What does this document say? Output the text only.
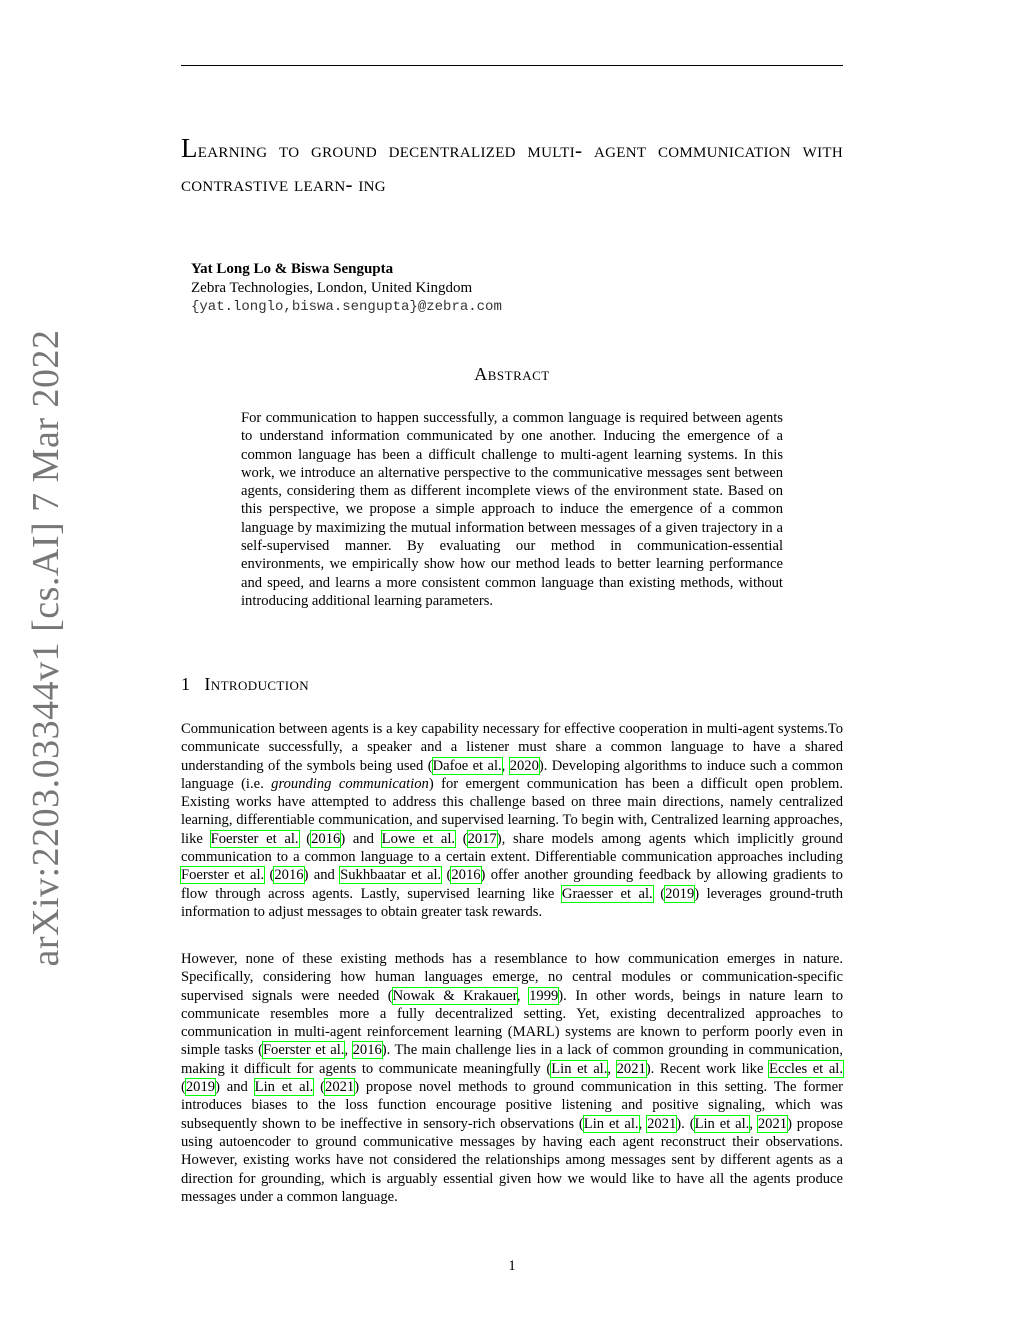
Learning to ground decentralized multi- agent communication with contrastive learn- ing
Yat Long Lo & Biswa Sengupta
Zebra Technologies, London, United Kingdom
{yat.longlo,biswa.sengupta}@zebra.com
Abstract

For communication to happen successfully, a common language is required between agents to understand information communicated by one another. Inducing the emergence of a common language has been a difficult challenge to multi-agent learning systems. In this work, we introduce an alternative perspective to the communicative messages sent between agents, considering them as different incomplete views of the environment state. Based on this perspective, we propose a simple approach to induce the emergence of a common language by maximizing the mutual information between messages of a given trajectory in a self-supervised manner. By evaluating our method in communication-essential environments, we empirically show how our method leads to better learning performance and speed, and learns a more consistent common language than existing methods, without introducing additional learning parameters.

arXiv:2203.03344v1 [cs.AI] 7 Mar 2022	1 Introduction

Communication between agents is a key capability necessary for effective cooperation in multi-agent systems.To communicate successfully, a speaker and a listener must share a common language to have a shared understanding of the symbols being used (Dafoe et al., 2020). Developing algorithms to induce such a common language (i.e. grounding communication) for emergent communication has been a difficult open problem. Existing works have attempted to address this challenge based on three main directions, namely centralized learning, differentiable communication, and supervised learning. To begin with, Centralized learning approaches, like Foerster et al. (2016) and Lowe et al. (2017), share models among agents which implicitly ground communication to a common language to a certain extent. Differentiable communication approaches including Foerster et al. (2016) and Sukhbaatar et al. (2016) offer another grounding feedback by allowing gradients to flow through across agents. Lastly, supervised learning like Graesser et al. (2019) leverages ground-truth information to adjust messages to obtain greater task rewards.

However, none of these existing methods has a resemblance to how communication emerges in nature. Specifically, considering how human languages emerge, no central modules or communication-specific supervised signals were needed (Nowak & Krakauer, 1999). In other words, beings in nature learn to communicate resembles more a fully decentralized setting. Yet, existing decentralized approaches to communication in multi-agent reinforcement learning (MARL) systems are known to perform poorly even in simple tasks (Foerster et al., 2016). The main challenge lies in a lack of common grounding in communication, making it difficult for agents to communicate meaningfully (Lin et al., 2021). Recent work like Eccles et al. (2019) and Lin et al. (2021) propose novel methods to ground communication in this setting. The former introduces biases to the loss function encourage positive listening and positive signaling, which was subsequently shown to be ineffective in sensory-rich observations (Lin et al., 2021). (Lin et al., 2021) propose using autoencoder to ground communicative messages by having each agent reconstruct their observations. However, existing works have not considered the relationships among messages sent by different agents as a direction for grounding, which is arguably essential given how we would like to have all the agents produce messages under a common language.

1
